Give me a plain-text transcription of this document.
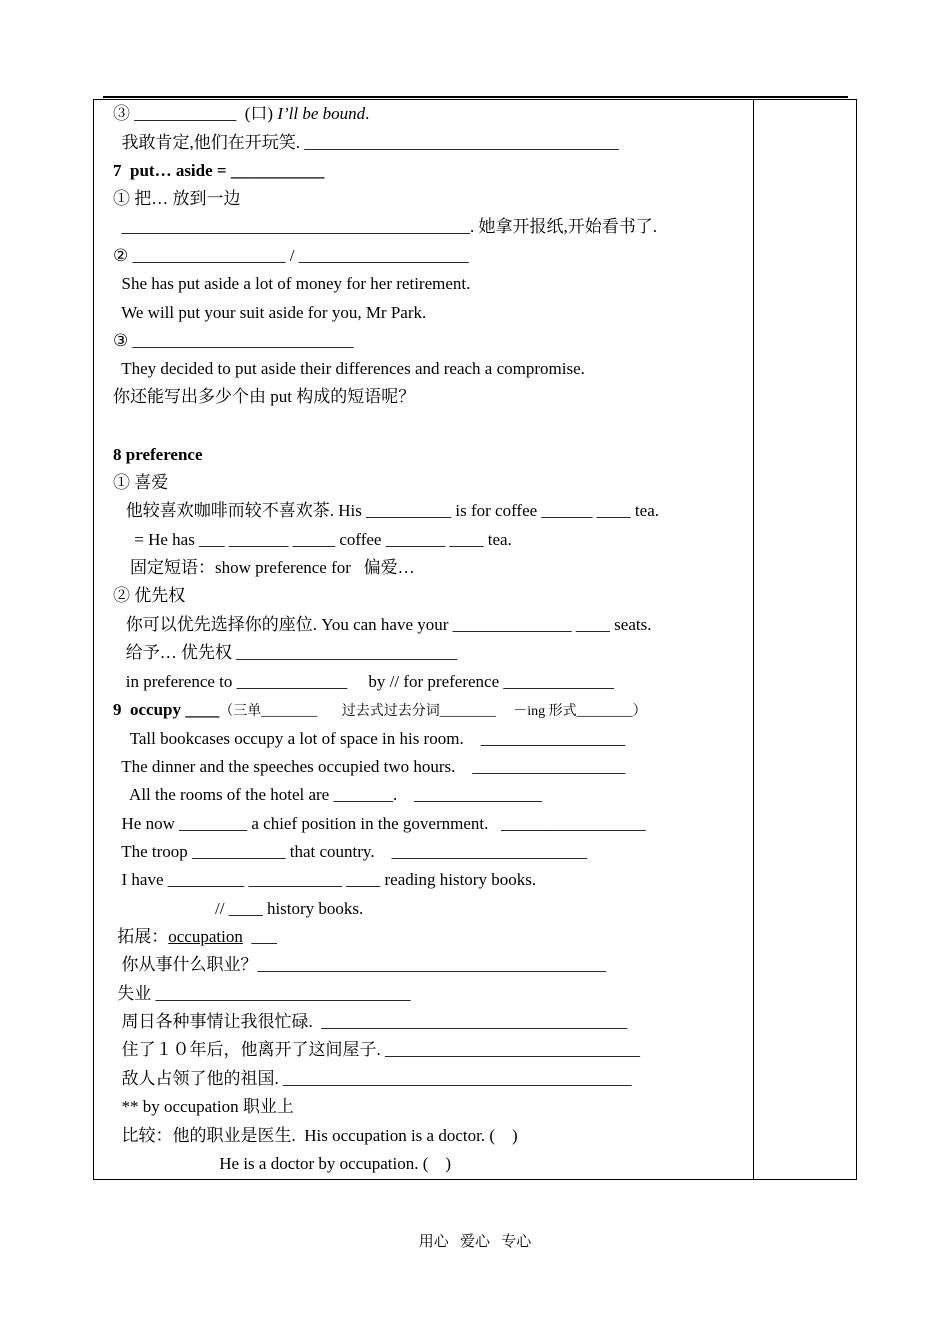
③ ____________  (口) I’ll be bound.
我敢肯定,他们在开玩笑. _____________________________________
7  put… aside = ___________
① 把… 放到一边
_________________________________________. 她拿开报纸,开始看书了.
② __________________ / ____________________
She has put aside a lot of money for her retirement.
We will put your suit aside for you, Mr Park.
③ __________________________
They decided to put aside their differences and reach a compromise.
你还能写出多少个由 put 构成的短语呢？
8 preference
① 喜爱
他较喜欢咖啡而较不喜欢茶. His __________ is for coffee ______ ____ tea.
= He has ___ _______ _____ coffee _______ ____ tea.
固定短语：show preference for   偏爱…
② 优先权
你可以优先选择你的座位. You can have your ______________ ____ seats.
给予… 优先权 __________________________
in preference to _____________     by // for preference _____________
9  occupy ____（三单________       过去式过去分词________     －ing 形式________）
Tall bookcases occupy a lot of space in his room.    _________________
The dinner and the speeches occupied two hours.    __________________
All the rooms of the hotel are _______.    _______________
He now ________ a chief position in the government.   _________________
The troop ___________ that country.    _______________________
I have _________ ___________ ____ reading history books.
// ____ history books.
拓展：occupation  ___
你从事什么职业？_________________________________________
失业 ______________________________
周日各种事情让我很忙碌.  ____________________________________
住了１０年后，他离开了这间屋子. ______________________________
敌人占领了他的祖国. _________________________________________
** by occupation 职业上
比较：他的职业是医生.  His occupation is a doctor. (    )
He is a doctor by occupation. (    )
用心   爱心   专心
